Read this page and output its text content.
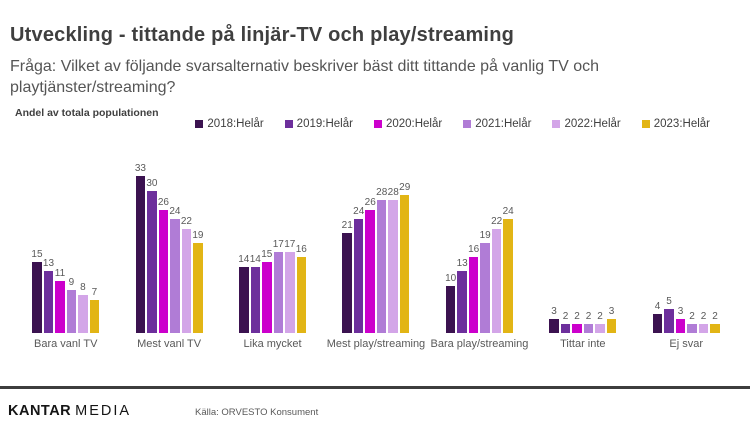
Utveckling - tittande på linjär-TV och play/streaming
Fråga: Vilket av följande svarsalternativ beskriver bäst ditt tittande på vanlig TV och playtjänster/streaming?
Andel av totala populationen
2018:Helår	2019:Helår	2020:Helår	2021:Helår	2022:Helår	2023:Helår
15
13
11
9 8 7
Bara vanl TV
33
30
26
24
22
19
Mest vanl TV
14 14 15
17 17 16
Lika mycket
21
24
26
28 28 29
Mest play/streaming
10
13
16
19
22
24
Bara play/streaming
3 2 2 2 2 3
Tittar inte
4 5
3 2 2 2
Ej svar
KANTAR MEDIA	Källa: ORVESTO Konsument
